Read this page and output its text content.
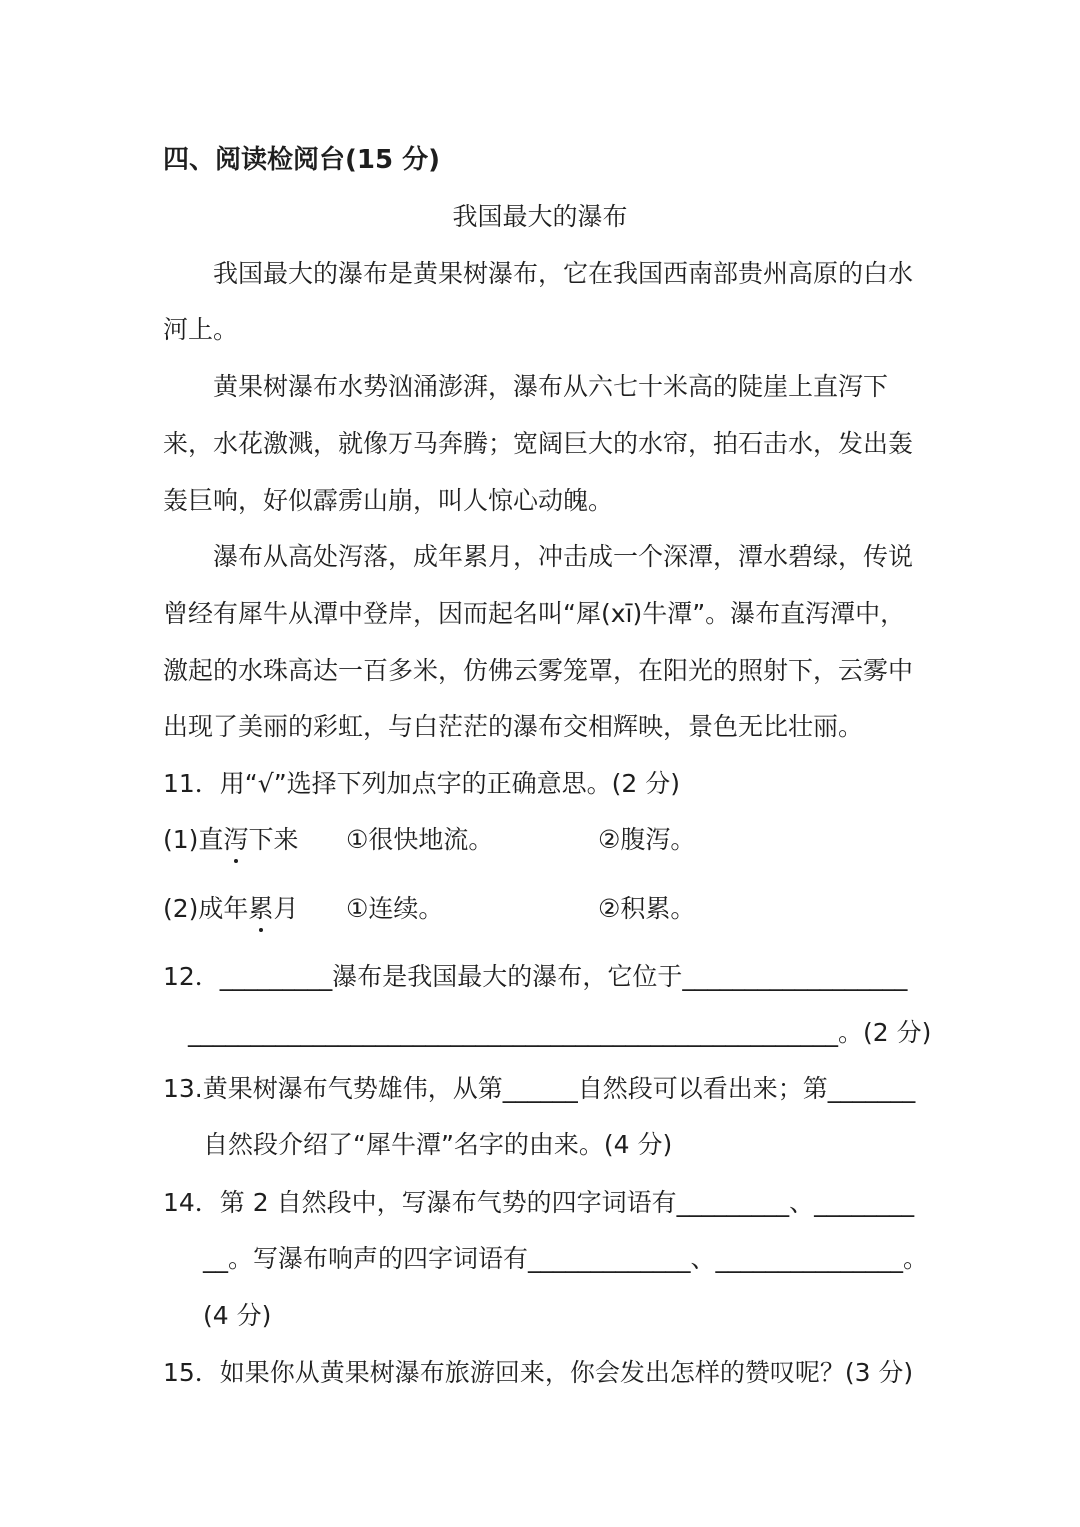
四、阅读检阅台(15 分)
我国最大的瀑布
我国最大的瀑布是黄果树瀑布，它在我国西南部贵州高原的白水
河上。
黄果树瀑布水势汹涌澎湃，瀑布从六七十米高的陡崖上直泻下
来，水花激溅，就像万马奔腾；宽阔巨大的水帘，拍石击水，发出轰
轰巨响，好似霹雳山崩，叫人惊心动魄。
瀑布从高处泻落，成年累月，冲击成一个深潭，潭水碧绿，传说
曾经有犀牛从潭中登岸，因而起名叫“犀(xī)牛潭”。瀑布直泻潭中，
激起的水珠高达一百多米，仿佛云雾笼罩，在阳光的照射下，云雾中
出现了美丽的彩虹，与白茫茫的瀑布交相辉映，景色无比壮丽。
11．用“√”选择下列加点字的正确意思。(2 分)
(1)直泻下来 ①很快地流。	②腹泻。
(2)成年累月 ①连续。	②积累。
12．_________瀑布是我国最大的瀑布，它位于__________________
____________________________________________________。(2 分)
13.黄果树瀑布气势雄伟，从第______自然段可以看出来；第_______
自然段介绍了“犀牛潭”名字的由来。(4 分)
14．第 2 自然段中，写瀑布气势的四字词语有_________、________
__。写瀑布响声的四字词语有_____________、_______________。
(4 分)
15．如果你从黄果树瀑布旅游回来，你会发出怎样的赞叹呢？(3 分)
